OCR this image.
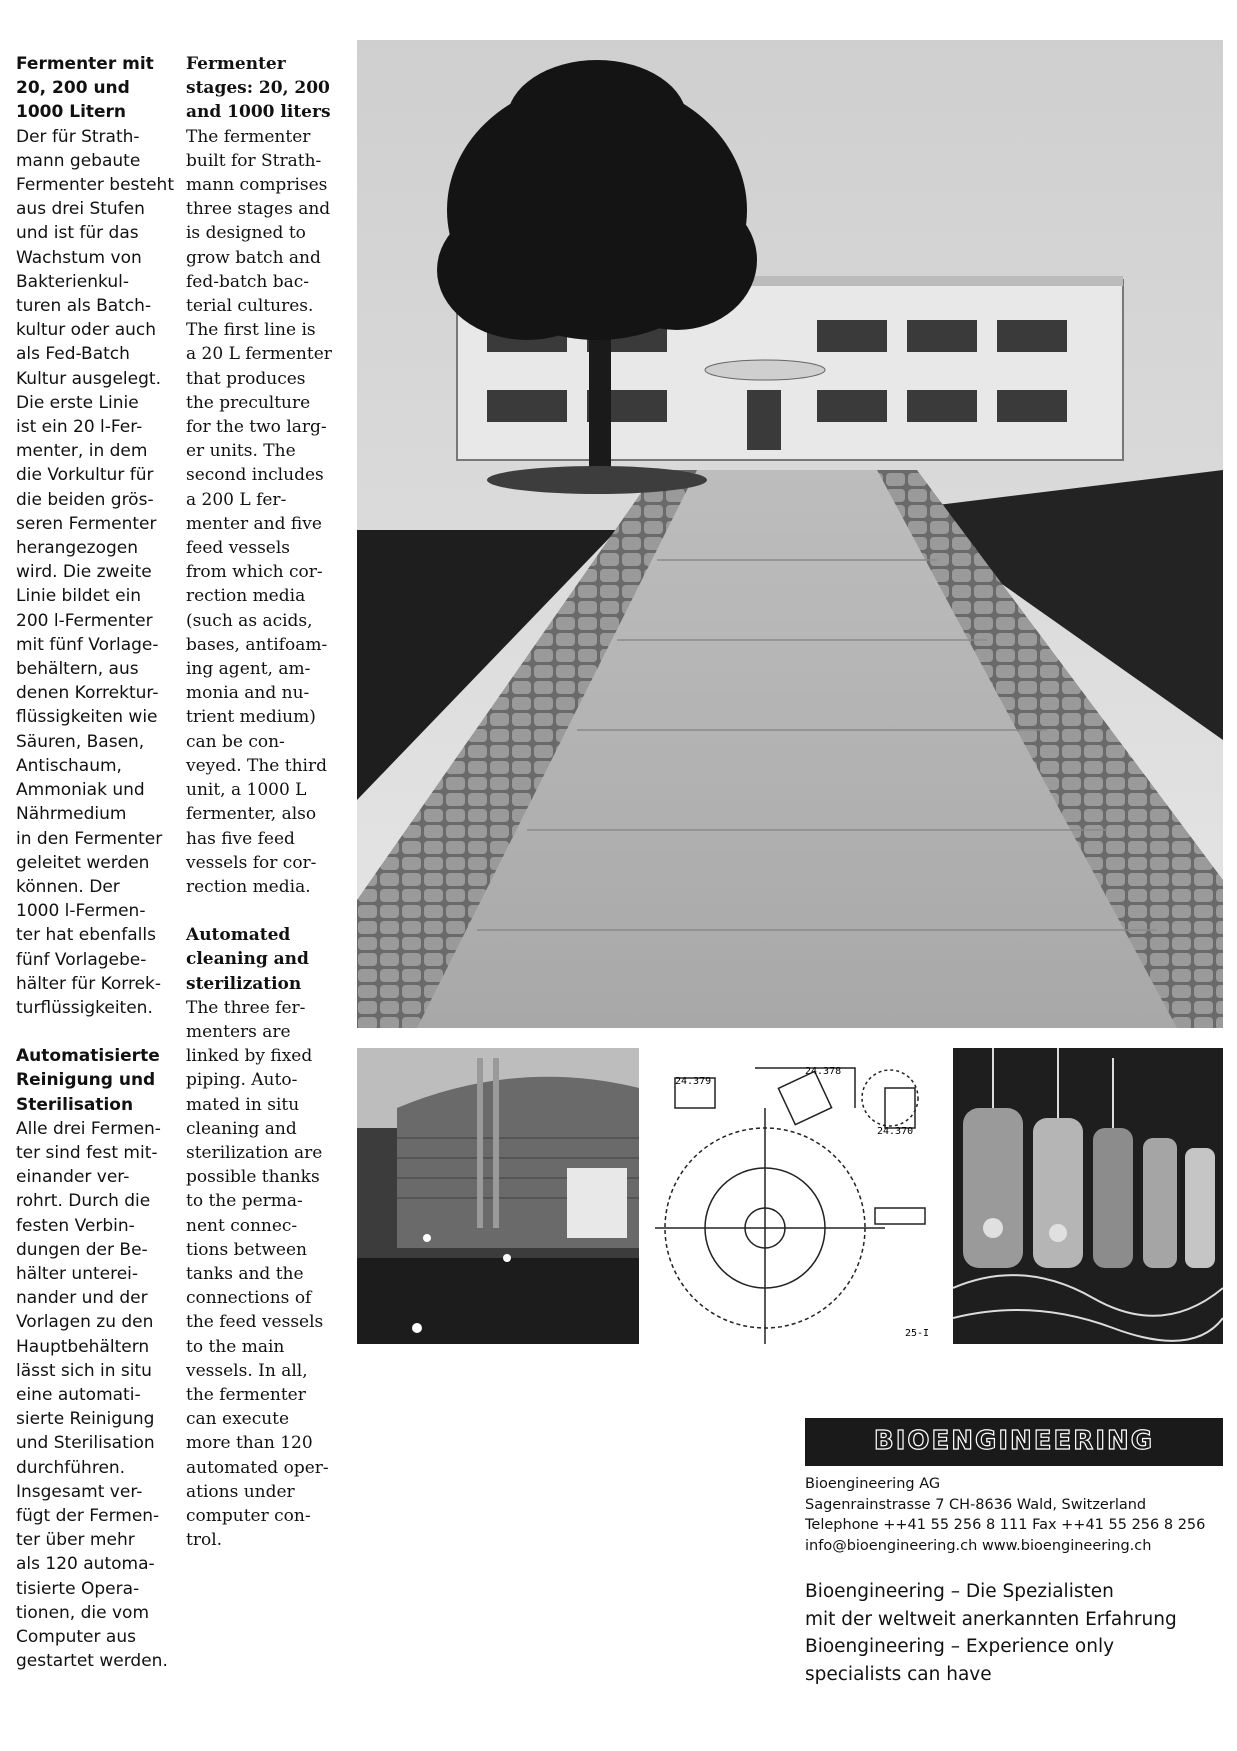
Fermenter mit
20, 200 und
1000 Litern
Der für Strath-
mann gebaute
Fermenter besteht
aus drei Stufen
und ist für das
Wachstum von
Bakterienkul-
turen als Batch-
kultur oder auch
als Fed-Batch
Kultur ausgelegt.
Die erste Linie
ist ein 20 l-Fer-
menter, in dem
die Vorkultur für
die beiden grös-
seren Fermenter
herangezogen
wird. Die zweite
Linie bildet ein
200 l-Fermenter
mit fünf Vorlage-
behältern, aus
denen Korrektur-
flüssigkeiten wie
Säuren, Basen,
Antischaum,
Ammoniak und
Nährmedium
in den Fermenter
geleitet werden
können. Der
1000 l-Fermen-
ter hat ebenfalls
fünf Vorlagebe-
hälter für Korrek-
turflüssigkeiten.
Automatisierte
Reinigung und
Sterilisation
Alle drei Fermen-
ter sind fest mit-
einander ver-
rohrt. Durch die
festen Verbin-
dungen der Be-
hälter unterei-
nander und der
Vorlagen zu den
Hauptbehältern
lässt sich in situ
eine automati-
sierte Reinigung
und Sterilisation
durchführen.
Insgesamt ver-
fügt der Fermen-
ter über mehr
als 120 automa-
tisierte Opera-
tionen, die vom
Computer aus
gestartet werden.
Fermenter
stages: 20, 200
and 1000 liters
The fermenter
built for Strath-
mann comprises
three stages and
is designed to
grow batch and
fed-batch bac-
terial cultures.
The first line is
a 20 L fermenter
that produces
the preculture
for the two larg-
er units. The
second includes
a 200 L fer-
menter and five
feed vessels
from which cor-
rection media
(such as acids,
bases, antifoam-
ing agent, am-
monia and nu-
trient medium)
can be con-
veyed. The third
unit, a 1000 L
fermenter, also
has five feed
vessels for cor-
rection media.
Automated
cleaning and
sterilization
The three fer-
menters are
linked by fixed
piping. Auto-
mated in situ
cleaning and
sterilization are
possible thanks
to the perma-
nent connec-
tions between
tanks and the
connections of
the feed vessels
to the main
vessels. In all,
the fermenter
can execute
more than 120
automated oper-
ations under
computer con-
trol.
24.379
24.378
24.370
25-I
BIOENGINEERING
Bioengineering AG
Sagenrainstrasse 7 CH-8636 Wald, Switzerland
Telephone ++41 55 256 8 111 Fax ++41 55 256 8 256
info@bioengineering.ch www.bioengineering.ch
Bioengineering – Die Spezialisten
mit der weltweit anerkannten Erfahrung
Bioengineering – Experience only
specialists can have
